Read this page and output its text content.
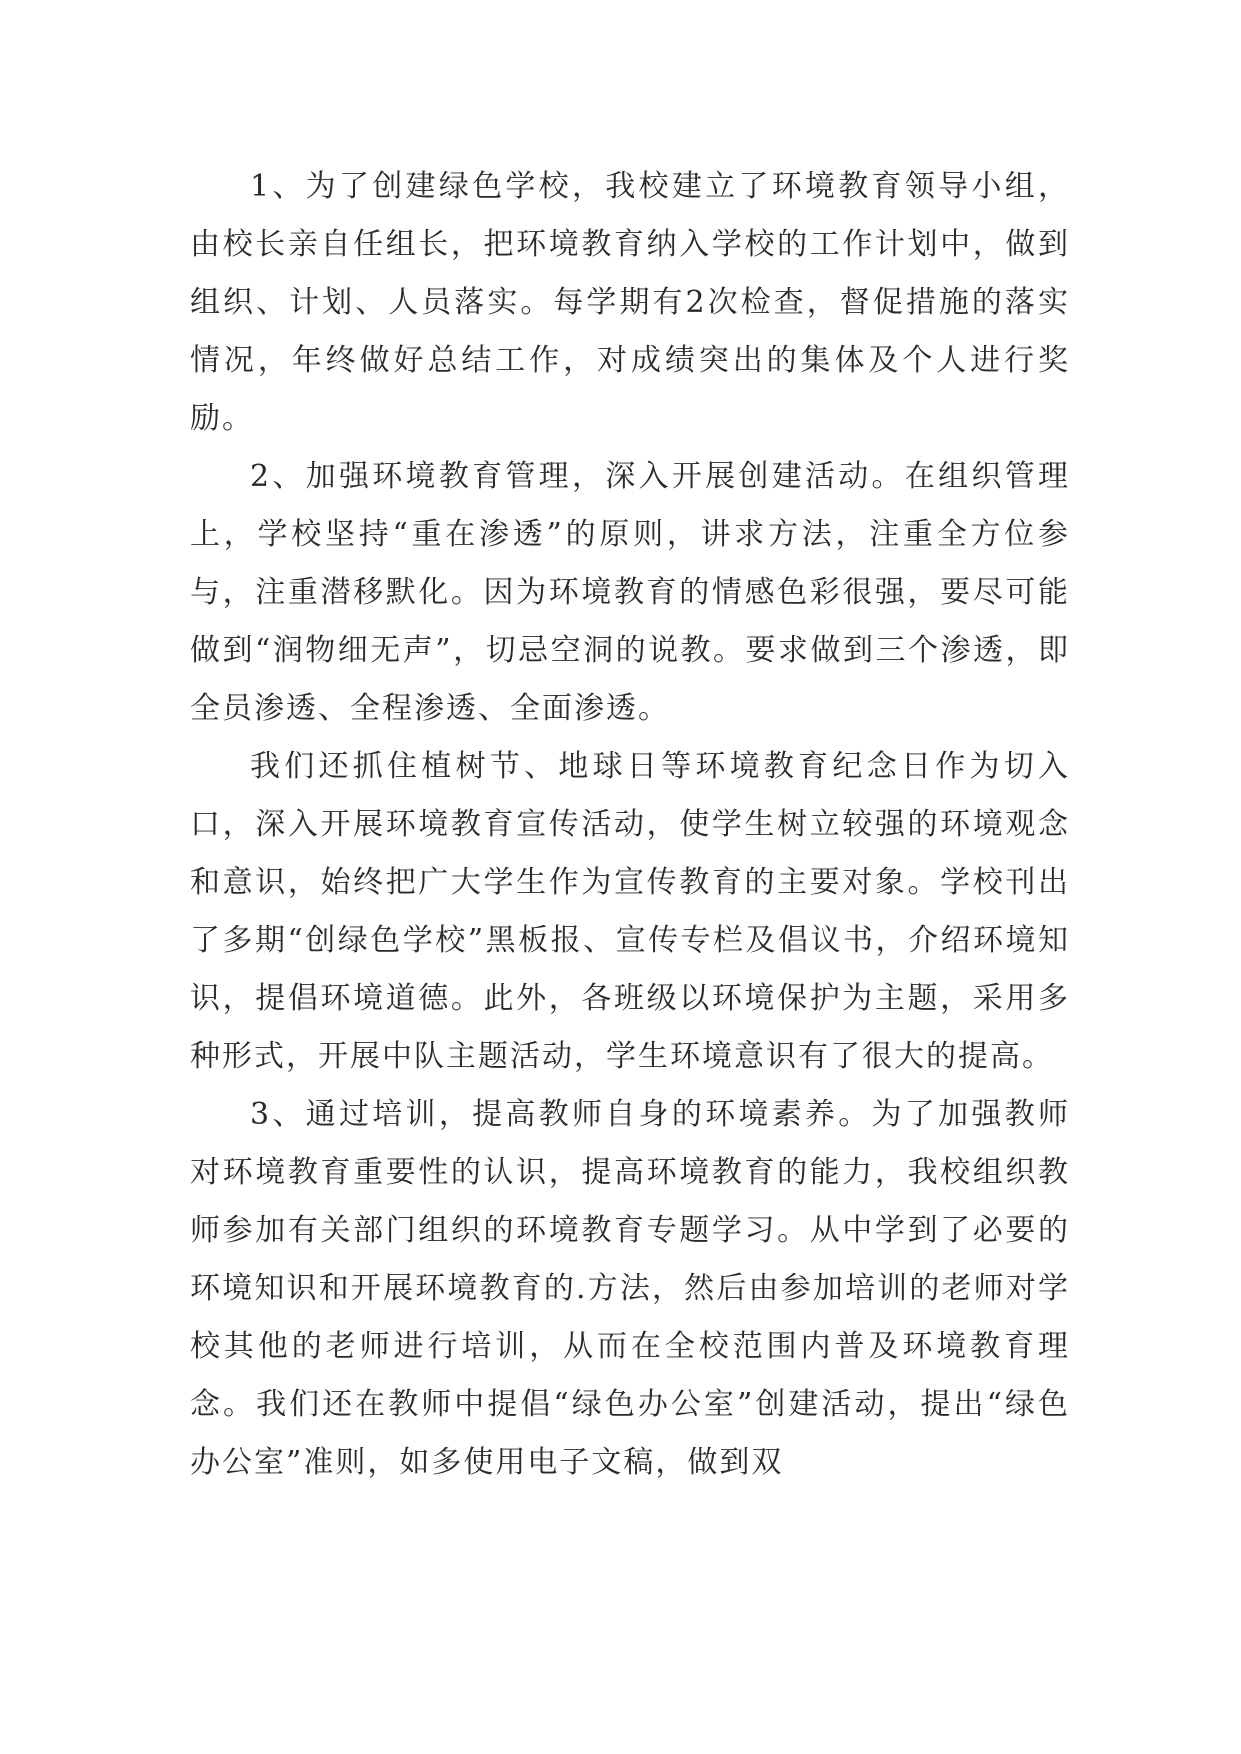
1、为了创建绿色学校，我校建立了环境教育领导小组，由校长亲自任组长，把环境教育纳入学校的工作计划中，做到组织、计划、人员落实。每学期有2次检查，督促措施的落实情况，年终做好总结工作，对成绩突出的集体及个人进行奖励。

2、加强环境教育管理，深入开展创建活动。在组织管理上，学校坚持“重在渗透”的原则，讲求方法，注重全方位参与，注重潜移默化。因为环境教育的情感色彩很强，要尽可能做到“润物细无声”，切忌空洞的说教。要求做到三个渗透，即全员渗透、全程渗透、全面渗透。

我们还抓住植树节、地球日等环境教育纪念日作为切入口，深入开展环境教育宣传活动，使学生树立较强的环境观念和意识，始终把广大学生作为宣传教育的主要对象。学校刊出了多期“创绿色学校”黑板报、宣传专栏及倡议书，介绍环境知识，提倡环境道德。此外，各班级以环境保护为主题，采用多种形式，开展中队主题活动，学生环境意识有了很大的提高。

3、通过培训，提高教师自身的环境素养。为了加强教师对环境教育重要性的认识，提高环境教育的能力，我校组织教师参加有关部门组织的环境教育专题学习。从中学到了必要的环境知识和开展环境教育的.方法，然后由参加培训的老师对学校其他的老师进行培训，从而在全校范围内普及环境教育理念。我们还在教师中提倡“绿色办公室”创建活动，提出“绿色办公室”准则，如多使用电子文稿，做到双
